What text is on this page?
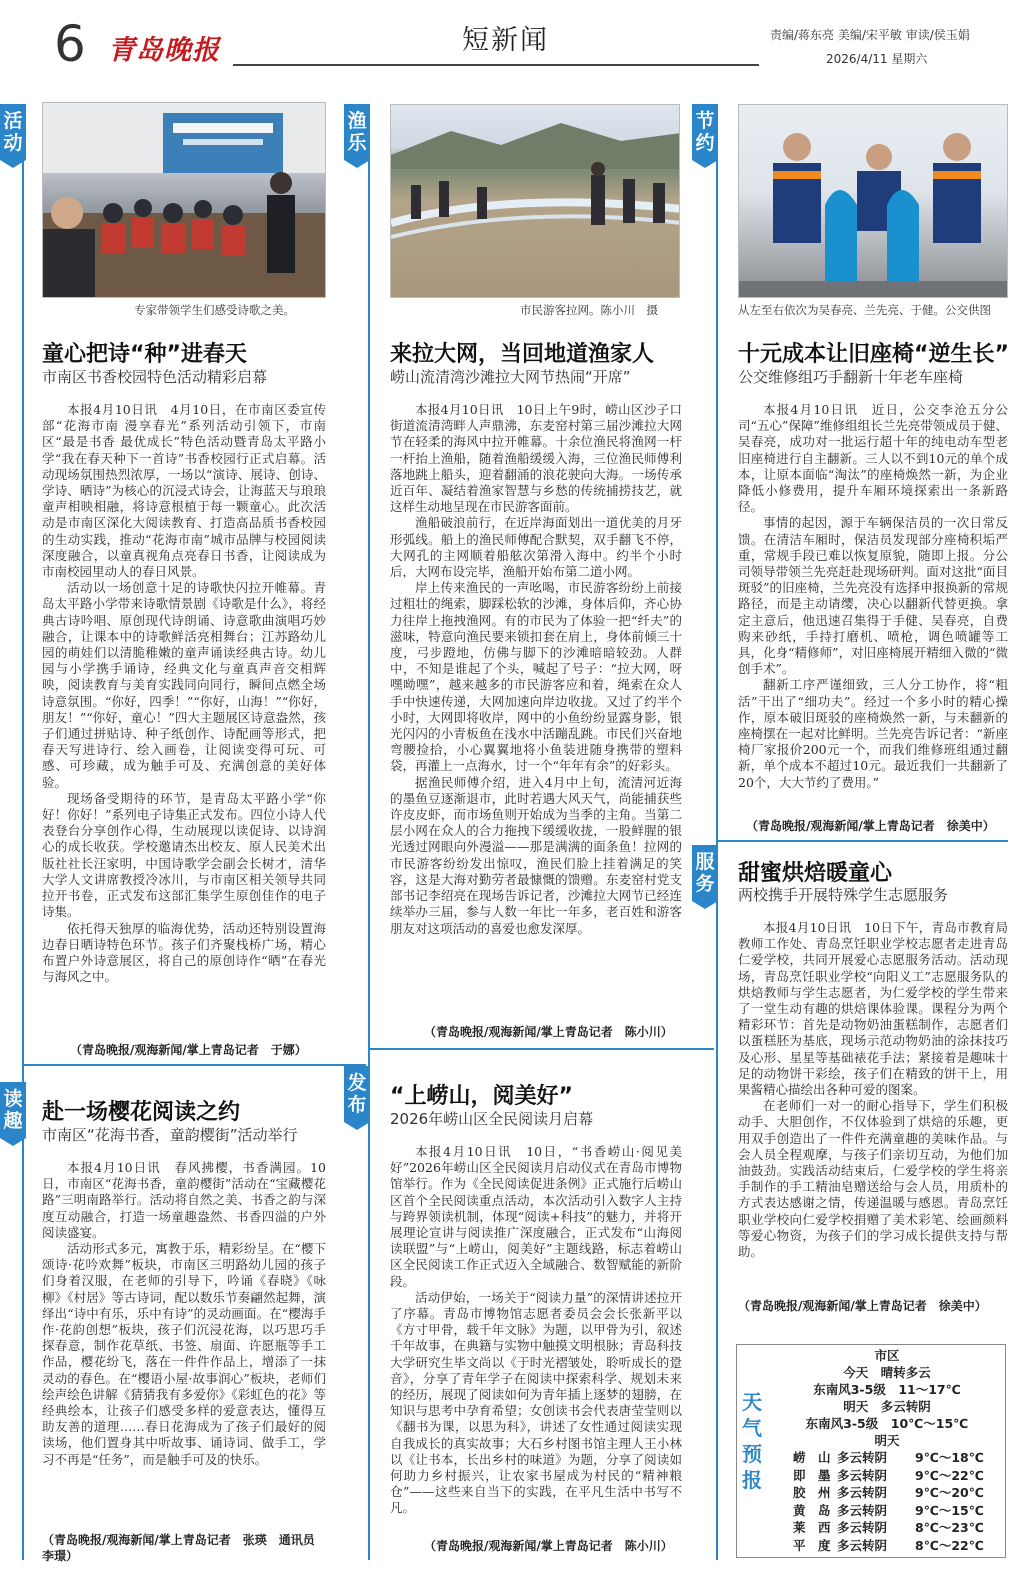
6 青岛晚报	短新闻	责编/蒋东亮 美编/宋平敏 审读/侯玉娟
2026/4/11 星期六
活动
渔乐
节约
读趣
发布
服务
专家带领学生们感受诗歌之美。	市民游客拉网。陈小川　摄	从左至右依次为吴春亮、兰先亮、于健。公交供图
童心把诗“种”进春天
市南区书香校园特色活动精彩启幕

本报4月10日讯　4月10日，在市南区委宣传部“花海市南 漫享春光”系列活动引领下，市南区“最是书香 最优成长”特色活动暨青岛太平路小学“我在春天种下一首诗”书香校园行正式启幕。活动现场氛围热烈浓厚，一场以“演诗、展诗、创诗、学诗、晒诗”为核心的沉浸式诗会，让海蓝天与琅琅童声相映相融，将诗意根植于每一颗童心。此次活动是市南区深化大阅读教育、打造高品质书香校园的生动实践，推动“花海市南”城市品牌与校园阅读深度融合，以童真视角点亮春日书香，让阅读成为市南校园里动人的春日风景。

活动以一场创意十足的诗歌快闪拉开帷幕。青岛太平路小学带来诗歌情景剧《诗歌是什么》，将经典古诗吟唱、原创现代诗朗诵、诗意歌曲演唱巧妙融合，让课本中的诗歌鲜活亮相舞台；江苏路幼儿园的萌娃们以清脆稚嫩的童声诵读经典古诗。幼儿园与小学携手诵诗，经典文化与童真声音交相辉映，阅读教育与美育实践同向同行，瞬间点燃全场诗意氛围。“你好，四季！”“你好，山海！”“你好，朋友！”“你好，童心！”四大主题展区诗意盎然，孩子们通过拼贴诗、种子纸创作、诗配画等形式，把春天写进诗行、绘入画卷，让阅读变得可玩、可感、可珍藏，成为触手可及、充满创意的美好体验。

现场备受期待的环节，是青岛太平路小学“你好！你好！”系列电子诗集正式发布。四位小诗人代表登台分享创作心得，生动展现以读促诗、以诗润心的成长收获。学校邀请杰出校友、原人民美术出版社社长汪家明，中国诗歌学会副会长树才，清华大学人文讲席教授冷冰川，与市南区相关领导共同拉开书卷，正式发布这部汇集学生原创佳作的电子诗集。

依托得天独厚的临海优势，活动还特别设置海边春日晒诗特色环节。孩子们齐聚栈桥广场，精心布置户外诗意展区，将自己的原创诗作“晒”在春光与海风之中。

（青岛晚报/观海新闻/掌上青岛记者　于娜）
赴一场樱花阅读之约
市南区“花海书香，童韵樱街”活动举行

本报4月10日讯　春风拂樱，书香满园。10日，市南区“花海书香，童韵樱街”活动在“宝藏樱花路”三明南路举行。活动将自然之美、书香之韵与深度互动融合，打造一场童趣盎然、书香四溢的户外阅读盛宴。

活动形式多元，寓教于乐，精彩纷呈。在“樱下颂诗·花吟欢舞”板块，市南区三明路幼儿园的孩子们身着汉服，在老师的引导下，吟诵《春晓》《咏柳》《村居》等古诗词，配以数乐节奏翩然起舞，演绎出“诗中有乐，乐中有诗”的灵动画面。在“樱海手作·花韵创想”板块，孩子们沉浸花海，以巧思巧手探春意，制作花草纸、书签、扇面、许愿瓶等手工作品，樱花纷飞，落在一件件作品上，增添了一抹灵动的春色。在“樱语小屋·故事润心”板块，老师们绘声绘色讲解《猜猜我有多爱你》《彩虹色的花》等经典绘本，让孩子们感受多样的爱意表达，懂得互助友善的道理……春日花海成为了孩子们最好的阅读场，他们置身其中听故事、诵诗词、做手工，学习不再是“任务”，而是触手可及的快乐。

（青岛晚报/观海新闻/掌上青岛记者　张瑛　通讯员　李璟）
来拉大网，当回地道渔家人
崂山流清湾沙滩拉大网节热闹“开席”

本报4月10日讯　10日上午9时，崂山区沙子口街道流清湾畔人声鼎沸，东麦窑村第三届沙滩拉大网节在轻柔的海风中拉开帷幕。十余位渔民将渔网一杆一杆抬上渔船，随着渔船缓缓入海，三位渔民师傅利落地跳上船头，迎着翻涌的浪花驶向大海。一场传承近百年、凝结着渔家智慧与乡愁的传统捕捞技艺，就这样生动地呈现在市民游客面前。

渔船破浪前行，在近岸海面划出一道优美的月牙形弧线。船上的渔民师傅配合默契，双手翻飞不停，大网孔的主网顺着船舷次第滑入海中。约半个小时后，大网布设完毕，渔船开始布第二道小网。

岸上传来渔民的一声吆喝，市民游客纷纷上前接过粗壮的绳索，脚踩松软的沙滩，身体后仰，齐心协力往岸上拖拽渔网。有的市民为了体验一把“纤夫”的滋味，特意向渔民要来锁扣套在肩上，身体前倾三十度，弓步蹬地，仿佛与脚下的沙滩暗暗较劲。人群中，不知是谁起了个头，喊起了号子：“拉大网，呀嘿呦嘿”，越来越多的市民游客应和着，绳索在众人手中快速传递，大网加速向岸边收拢。又过了约半个小时，大网即将收岸，网中的小鱼纷纷显露身影，银光闪闪的小青板鱼在浅水中活蹦乱跳。市民们兴奋地弯腰捡拾，小心翼翼地将小鱼装进随身携带的塑料袋，再灌上一点海水，讨一个“年年有余”的好彩头。

据渔民师傅介绍，进入4月中上旬，流清河近海的墨鱼豆逐渐退市，此时若遇大风天气，尚能捕获些许皮皮虾，而市场鱼则开始成为当季的主角。当第二层小网在众人的合力拖拽下缓缓收拢，一股鲜腥的银光透过网眼向外漫溢——那是满满的面条鱼！拉网的市民游客纷纷发出惊叹，渔民们脸上挂着满足的笑容，这是大海对勤劳者最慷慨的馈赠。东麦窑村党支部书记李绍亮在现场告诉记者，沙滩拉大网节已经连续举办三届，参与人数一年比一年多，老百姓和游客朋友对这项活动的喜爱也愈发深厚。

（青岛晚报/观海新闻/掌上青岛记者　陈小川）
“上崂山，阅美好”
2026年崂山区全民阅读月启幕

本报4月10日讯　10日，“书香崂山·阅见美好”2026年崂山区全民阅读月启动仪式在青岛市博物馆举行。作为《全民阅读促进条例》正式施行后崂山区首个全民阅读重点活动，本次活动引入数字人主持与跨界领读机制，体现“阅读+科技”的魅力，并将开展理论宣讲与阅读推广深度融合，正式发布“山海阅读联盟”与“上崂山，阅美好”主题线路，标志着崂山区全民阅读工作正式迈入全域融合、数智赋能的新阶段。

活动伊始，一场关于“阅读力量”的深情讲述拉开了序幕。青岛市博物馆志愿者委员会会长张新平以《方寸甲骨，载千年文脉》为题，以甲骨为引，叙述千年故事，在典籍与实物中触摸文明根脉；青岛科技大学研究生毕文尚以《于时光褶皱处，聆听成长的跫音》，分享了青年学子在阅读中探索科学、规划未来的经历，展现了阅读如何为青年插上逐梦的翅膀，在知识与思考中孕育希望；女创读书会代表唐莹莹则以《翻书为课，以思为科》，讲述了女性通过阅读实现自我成长的真实故事；大石乡村图书馆主理人王小林以《让书本，长出乡村的味道》为题，分享了阅读如何助力乡村振兴，让农家书屋成为村民的“精神粮仓”——这些来自当下的实践，在平凡生活中书写不凡。

（青岛晚报/观海新闻/掌上青岛记者　陈小川）
十元成本让旧座椅“逆生长”
公交维修组巧手翻新十年老车座椅

本报4月10日讯　近日，公交李沧五分公司“五心”保障”维修组组长兰先亮带领成员于健、吴春亮，成功对一批运行超十年的纯电动车型老旧座椅进行自主翻新。三人以不到10元的单个成本，让原本面临“淘汰”的座椅焕然一新，为企业降低小修费用，提升车厢环境探索出一条新路径。

事情的起因，源于车辆保洁员的一次日常反馈。在清洁车厢时，保洁员发现部分座椅积垢严重，常规手段已难以恢复原貌，随即上报。分公司领导带领兰先亮赶赴现场研判。面对这批“面目斑驳”的旧座椅，兰先亮没有选择申报换新的常规路径，而是主动请缨，决心以翻新代替更换。拿定主意后，他迅速召集得于手健、吴春亮，自费购来砂纸，手持打磨机、喷枪，调色喷罐等工具，化身“精修师”，对旧座椅展开精细入微的“微创手术”。

翻新工序严谨细致，三人分工协作，将“粗活”干出了“细功夫”。经过一个多小时的精心操作，原本破旧斑驳的座椅焕然一新，与未翻新的座椅摆在一起对比鲜明。兰先亮告诉记者：“新座椅厂家报价200元一个，而我们维修班组通过翻新，单个成本不超过10元。最近我们一共翻新了20个，大大节约了费用。”

（青岛晚报/观海新闻/掌上青岛记者　徐美中）
甜蜜烘焙暖童心
两校携手开展特殊学生志愿服务

本报4月10日讯　10日下午，青岛市教育局教师工作处、青岛烹饪职业学校志愿者走进青岛仁爱学校，共同开展爱心志愿服务活动。活动现场，青岛烹饪职业学校“向阳义工”志愿服务队的烘焙教师与学生志愿者，为仁爱学校的学生带来了一堂生动有趣的烘焙课体验课。课程分为两个精彩环节：首先是动物奶油蛋糕制作，志愿者们以蛋糕胚为基底，现场示范动物奶油的涂抹技巧及心形、星星等基础裱花手法；紧接着是趣味十足的动物饼干彩绘，孩子们在精致的饼干上，用果酱精心描绘出各种可爱的图案。

在老师们一对一的耐心指导下，学生们积极动手、大胆创作，不仅体验到了烘焙的乐趣，更用双手创造出了一件件充满童趣的美味作品。与会人员全程观摩，与孩子们亲切互动，为他们加油鼓劲。实践活动结束后，仁爱学校的学生将亲手制作的手工精油皂赠送给与会人员，用质朴的方式表达感谢之情，传递温暖与感恩。青岛烹饪职业学校向仁爱学校捐赠了美术彩笔、绘画颜料等爱心物资，为孩子们的学习成长提供支持与帮助。

（青岛晚报/观海新闻/掌上青岛记者　徐美中）
天气预报
市区
今天　晴转多云
东南风3-5级　11～17℃
明天　多云转阴
东南风3-5级　10℃～15℃
明天
崂　山 多云转阴 9℃～18℃
即　墨 多云转阴 9℃～22℃
胶　州 多云转阴 9℃～20℃
黄　岛 多云转阴 9℃～15℃
莱　西 多云转阴 8℃～23℃
平　度 多云转阴 8℃～22℃
